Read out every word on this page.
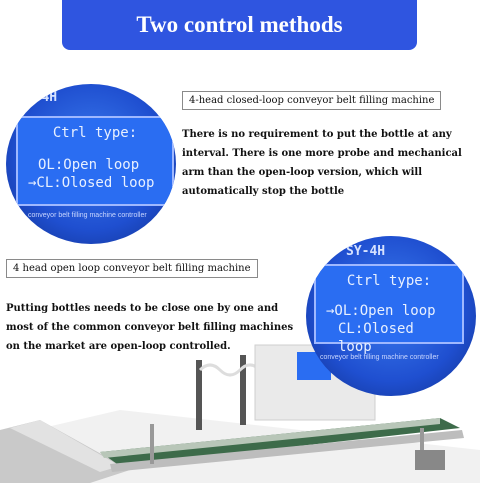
Two control methods
SY-4H
Ctrl type:
OL:Open loop
→CL:Olosed loop
conveyor belt filling machine controller
4-head closed-loop conveyor belt filling machine
There is no requirement to put the bottle at any interval. There is one more probe and mechanical arm than the open-loop version, which will automatically stop the bottle
4 head open loop conveyor belt filling machine
Putting bottles needs to be close one by one and most of the common conveyor belt filling machines on the market are open-loop controlled.
SY-4H
Ctrl type:
→OL:Open loop
CL:Olosed loop
conveyor belt filling machine controller
